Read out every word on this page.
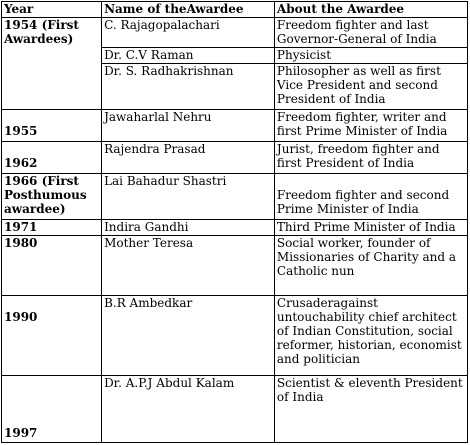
Year	Name of theAwardee	About the Awardee
1954 (First Awardees)	C. Rajagopalachari	Freedom fighter and last Governor-General of India
	Dr. C.V Raman	Physicist
	Dr. S. Radhakrishnan	Philosopher as well as first Vice President and second President of India
1955	Jawaharlal Nehru	Freedom fighter, writer and first Prime Minister of India
1962	Rajendra Prasad	Jurist, freedom fighter and first President of India
1966 (First Posthumous awardee)	Lai Bahadur Shastri	Freedom fighter and second Prime Minister of India
1971	Indira Gandhi	Third Prime Minister of India
1980	Mother Teresa	Social worker, founder of Missionaries of Charity and a Catholic nun
1990	B.R Ambedkar	Crusaderagainst untouchability chief architect of Indian Constitution, social reformer, historian, economist and politician
1997	Dr. A.P.J Abdul Kalam	Scientist & eleventh President of India
